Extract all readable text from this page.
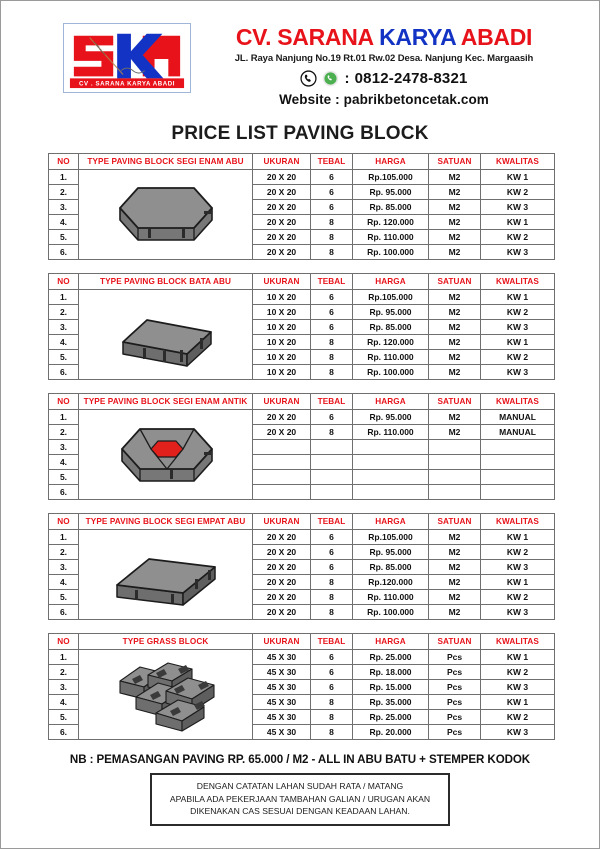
CV . SARANA KARYA ABADI
CV. SARANA KARYA ABADI
JL. Raya Nanjung No.19 Rt.01 Rw.02 Desa. Nanjung Kec. Margaasih
: 0812-2478-8321
Website : pabrikbetoncetak.com
PRICE LIST PAVING BLOCK
NO	TYPE PAVING BLOCK SEGI ENAM ABU	UKURAN	TEBAL	HARGA	SATUAN	KWALITAS
1.		20 X 20	6	Rp.105.000	M2	KW 1
2.		20 X 20	6	Rp. 95.000	M2	KW 2
3.		20 X 20	6	Rp. 85.000	M2	KW 3
4.		20 X 20	8	Rp. 120.000	M2	KW 1
5.		20 X 20	8	Rp. 110.000	M2	KW 2
6.		20 X 20	8	Rp. 100.000	M2	KW 3
NO	TYPE PAVING BLOCK BATA ABU	UKURAN	TEBAL	HARGA	SATUAN	KWALITAS
1.		10 X 20	6	Rp.105.000	M2	KW 1
2.		10 X 20	6	Rp. 95.000	M2	KW 2
3.		10 X 20	6	Rp. 85.000	M2	KW 3
4.		10 X 20	8	Rp. 120.000	M2	KW 1
5.		10 X 20	8	Rp. 110.000	M2	KW 2
6.		10 X 20	8	Rp. 100.000	M2	KW 3
NO	TYPE PAVING BLOCK SEGI ENAM ANTIK	UKURAN	TEBAL	HARGA	SATUAN	KWALITAS
1.		20 X 20	6	Rp. 95.000	M2	MANUAL
2.		20 X 20	8	Rp. 110.000	M2	MANUAL
3.						
4.						
5.						
6.						
NO	TYPE PAVING BLOCK SEGI EMPAT ABU	UKURAN	TEBAL	HARGA	SATUAN	KWALITAS
1.		20 X 20	6	Rp.105.000	M2	KW 1
2.		20 X 20	6	Rp. 95.000	M2	KW 2
3.		20 X 20	6	Rp. 85.000	M2	KW 3
4.		20 X 20	8	Rp.120.000	M2	KW 1
5.		20 X 20	8	Rp. 110.000	M2	KW 2
6.		20 X 20	8	Rp. 100.000	M2	KW 3
NO	TYPE GRASS BLOCK	UKURAN	TEBAL	HARGA	SATUAN	KWALITAS
1.		45 X 30	6	Rp. 25.000	Pcs	KW 1
2.		45 X 30	6	Rp. 18.000	Pcs	KW 2
3.		45 X 30	6	Rp. 15.000	Pcs	KW 3
4.		45 X 30	8	Rp. 35.000	Pcs	KW 1
5.		45 X 30	8	Rp. 25.000	Pcs	KW 2
6.		45 X 30	8	Rp. 20.000	Pcs	KW 3
NB : PEMASANGAN PAVING RP. 65.000 / M2 - ALL IN ABU BATU + STEMPER KODOK
DENGAN CATATAN LAHAN SUDAH RATA / MATANG
APABILA ADA PEKERJAAN TAMBAHAN GALIAN / URUGAN AKAN
DIKENAKAN CAS SESUAI DENGAN KEADAAN LAHAN.
